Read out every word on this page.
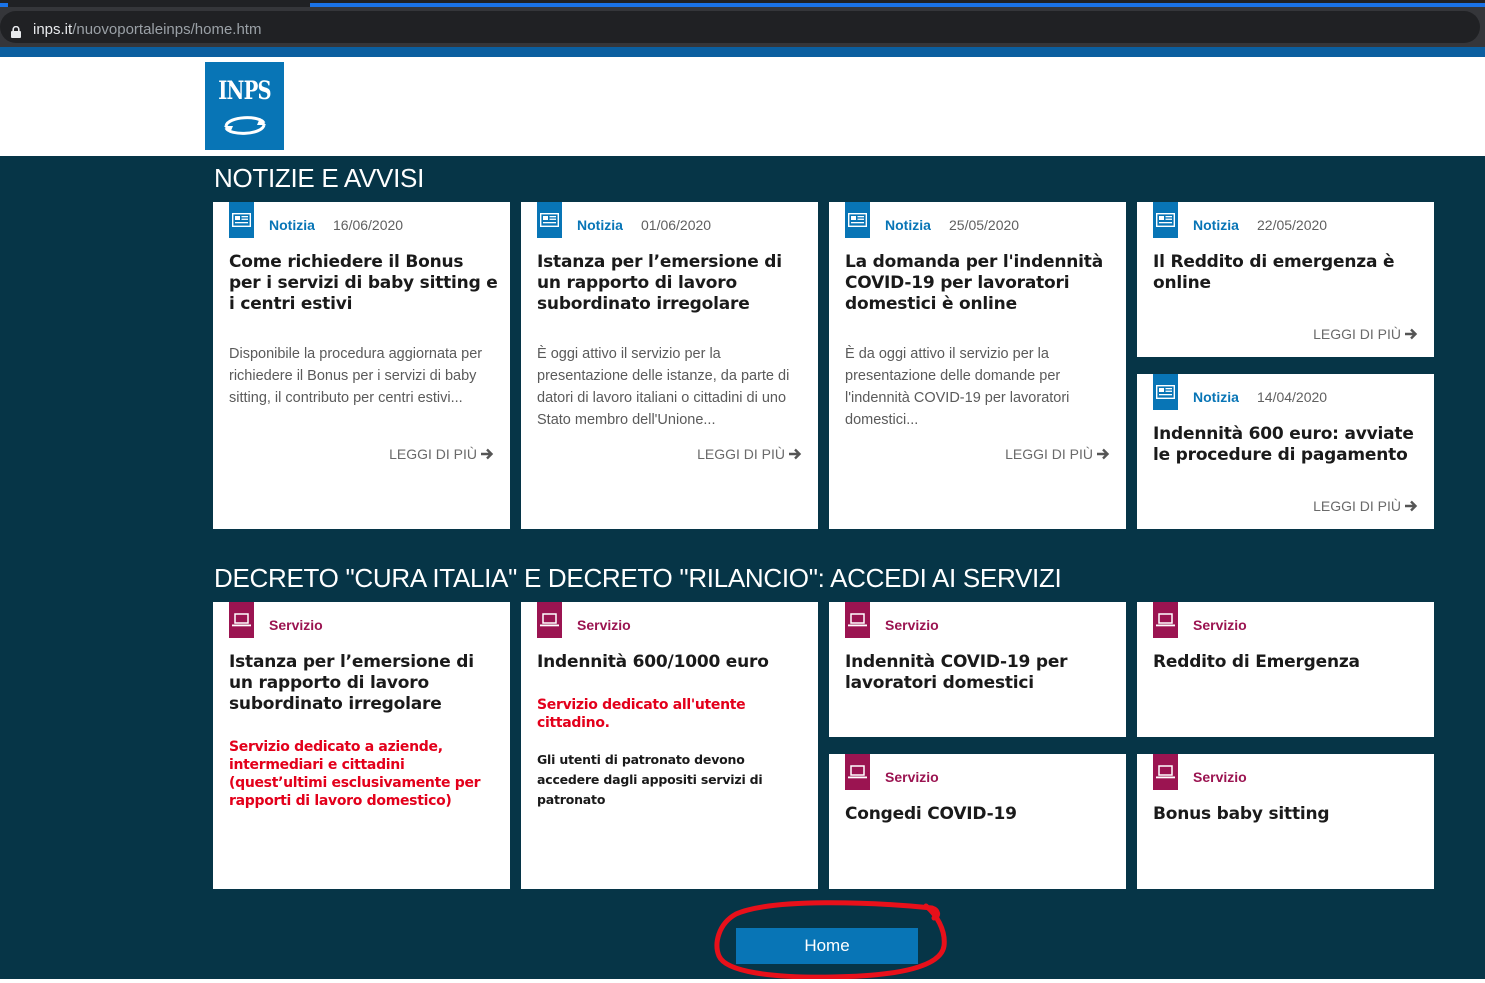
inps.it/nuovoportaleinps/home.htm
INPS
NOTIZIE E AVVISI
Notizia 16/06/2020
Come richiedere il Bonus per i servizi di baby sitting e i centri estivi
Disponibile la procedura aggiornata per richiedere il Bonus per i servizi di baby sitting, il contributo per centri estivi...
LEGGI DI PIÙ
Notizia 01/06/2020
Istanza per l’emersione di un rapporto di lavoro subordinato irregolare
È oggi attivo il servizio per la presentazione delle istanze, da parte di datori di lavoro italiani o cittadini di uno Stato membro dell'Unione...
LEGGI DI PIÙ
Notizia 25/05/2020
La domanda per l'indennità COVID-19 per lavoratori domestici è online
È da oggi attivo il servizio per la presentazione delle domande per l'indennità COVID-19 per lavoratori domestici...
LEGGI DI PIÙ
Notizia 22/05/2020
Il Reddito di emergenza è online
LEGGI DI PIÙ
Notizia 14/04/2020
Indennità 600 euro: avviate le procedure di pagamento
LEGGI DI PIÙ
DECRETO "CURA ITALIA" E DECRETO "RILANCIO": ACCEDI AI SERVIZI
Servizio
Istanza per l’emersione di un rapporto di lavoro subordinato irregolare
Servizio dedicato a aziende, intermediari e cittadini (quest’ultimi esclusivamente per rapporti di lavoro domestico)
Servizio
Indennità 600/1000 euro
Servizio dedicato all'utente cittadino.
Gli utenti di patronato devono accedere dagli appositi servizi di patronato
Servizio
Indennità COVID-19 per lavoratori domestici
Servizio
Reddito di Emergenza
Servizio
Congedi COVID-19
Servizio
Bonus baby sitting
Home
